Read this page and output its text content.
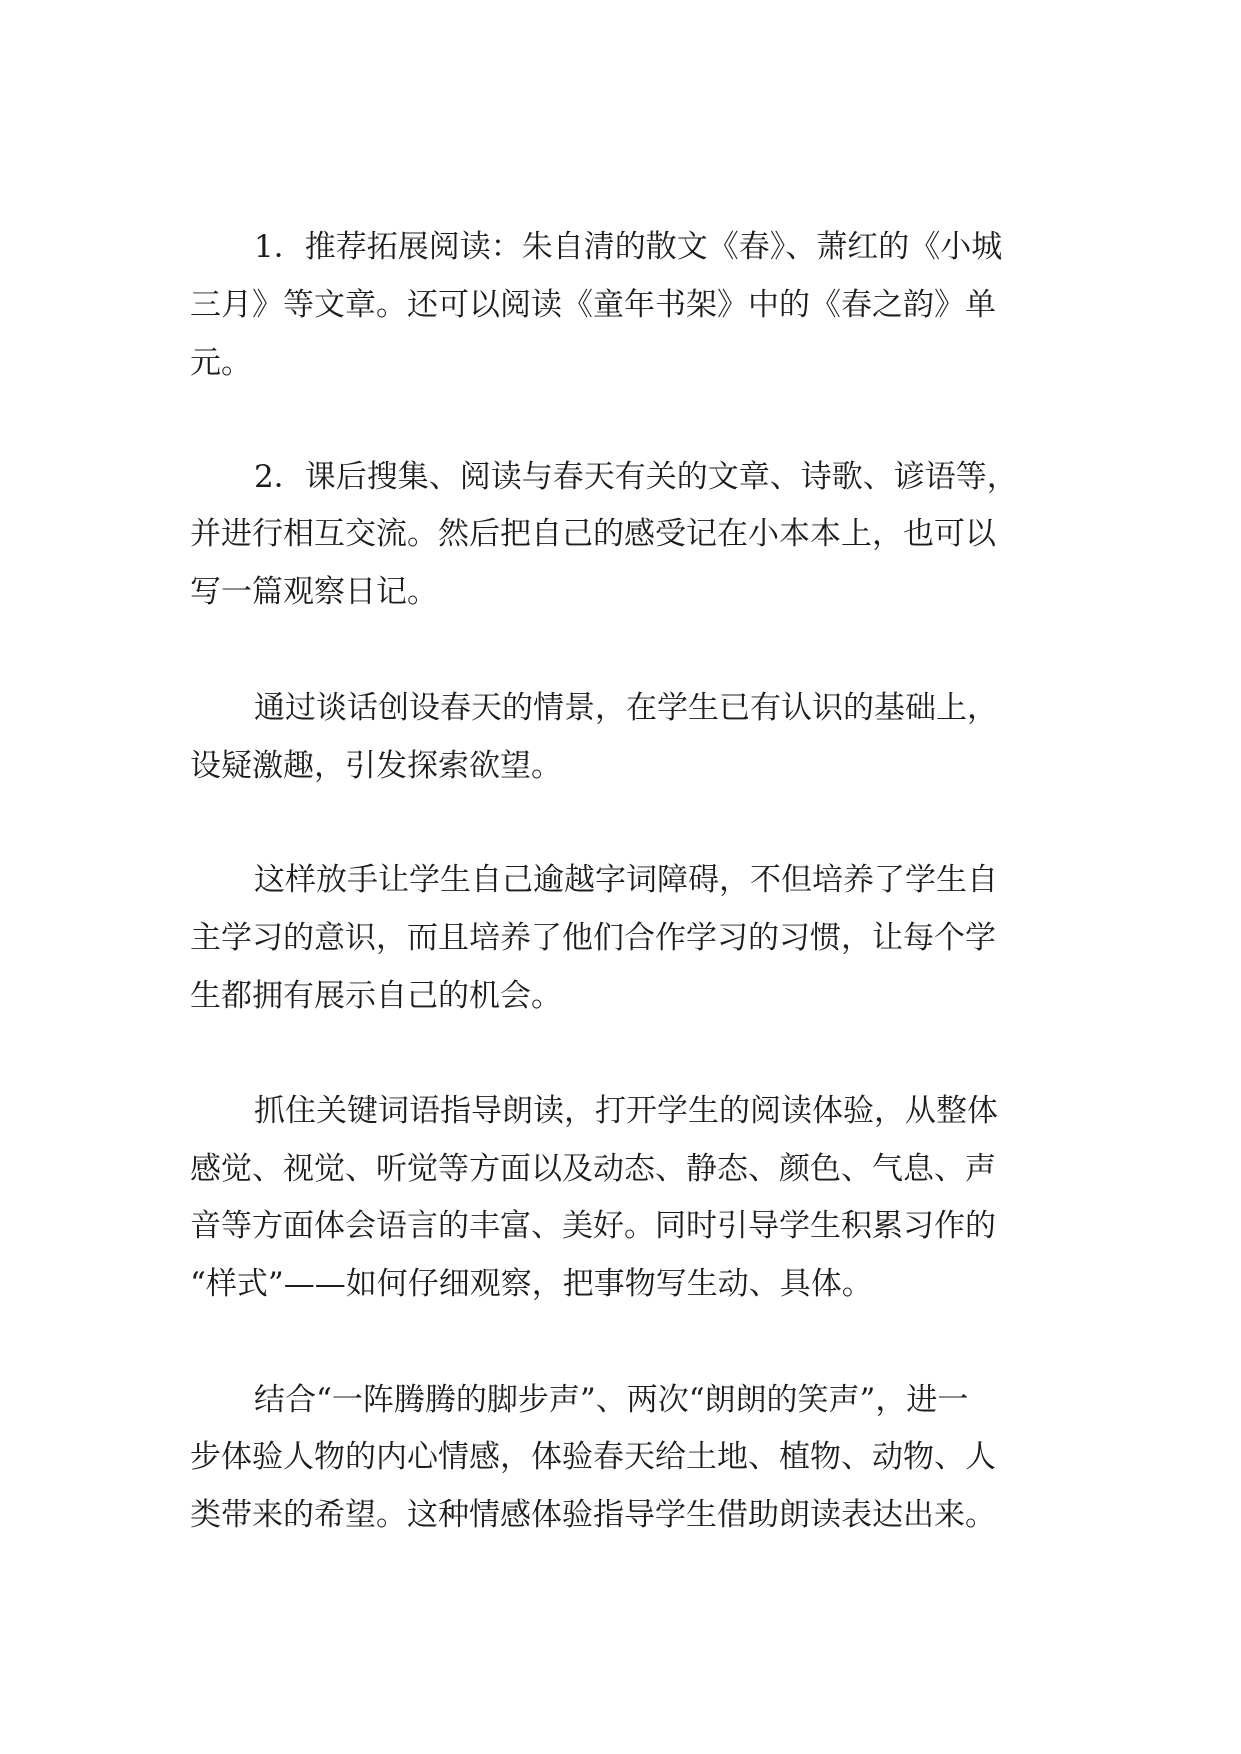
1．推荐拓展阅读：朱自清的散文《春》、萧红的《小城
三月》等文章。还可以阅读《童年书架》中的《春之韵》单
元。
2．课后搜集、阅读与春天有关的文章、诗歌、谚语等，
并进行相互交流。然后把自己的感受记在小本本上，也可以
写一篇观察日记。
通过谈话创设春天的情景，在学生已有认识的基础上，
设疑激趣，引发探索欲望。
这样放手让学生自己逾越字词障碍，不但培养了学生自
主学习的意识，而且培养了他们合作学习的习惯，让每个学
生都拥有展示自己的机会。
抓住关键词语指导朗读，打开学生的阅读体验，从整体
感觉、视觉、听觉等方面以及动态、静态、颜色、气息、声
音等方面体会语言的丰富、美好。同时引导学生积累习作的
“样式”——如何仔细观察，把事物写生动、具体。
结合“一阵腾腾的脚步声”、两次“朗朗的笑声”，进一
步体验人物的内心情感，体验春天给土地、植物、动物、人
类带来的希望。这种情感体验指导学生借助朗读表达出来。
